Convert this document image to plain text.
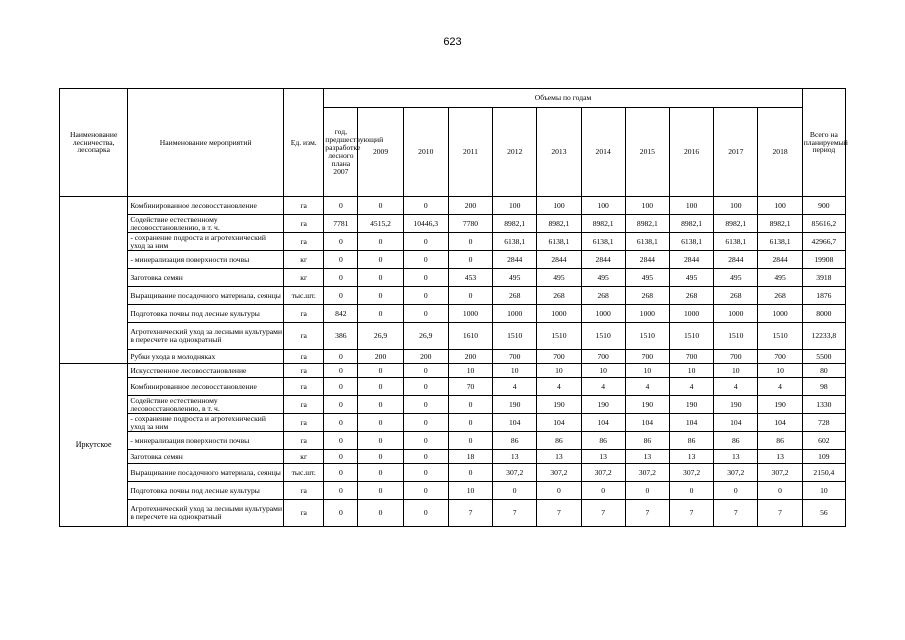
623
Наименование лесничества, лесопарка	Наименование мероприятий	Ед. изм.	Объемы по годам											Всего на планируемый период
			год, предшествующий разработке лесного плана 2007	2009	2010	2011	2012	2013	2014	2015	2016	2017	2018	
	Комбинированное лесовосстановление	га	0	0	0	200	100	100	100	100	100	100	100	900
	Содействие естественному лесовосстановлению, в т. ч.	га	7781	4515,2	10446,3	7780	8982,1	8982,1	8982,1	8982,1	8982,1	8982,1	8982,1	85616,2
	- сохранение подроста и агротехнический уход за ним	га	0	0	0	0	6138,1	6138,1	6138,1	6138,1	6138,1	6138,1	6138,1	42966,7
	- минерализация поверхности почвы	кг	0	0	0	0	2844	2844	2844	2844	2844	2844	2844	19908
	Заготовка семян	кг	0	0	0	453	495	495	495	495	495	495	495	3918
	Выращивание посадочного материала, сеянцы	тыс.шт.	0	0	0	0	268	268	268	268	268	268	268	1876
	Подготовка почвы под лесные культуры	га	842	0	0	1000	1000	1000	1000	1000	1000	1000	1000	8000
	Агротехнический уход за лесными культурами в пересчете на однократный	га	386	26,9	26,9	1610	1510	1510	1510	1510	1510	1510	1510	12233,8
	Рубки ухода в молодняках	га	0	200	200	200	700	700	700	700	700	700	700	5500
Иркутское	Искусственное лесовосстановление	га	0	0	0	10	10	10	10	10	10	10	10	80
	Комбинированное лесовосстановление	га	0	0	0	70	4	4	4	4	4	4	4	98
	Содействие естественному лесовосстановлению, в т. ч.	га	0	0	0	0	190	190	190	190	190	190	190	1330
	- сохранение подроста и агротехнический уход за ним	га	0	0	0	0	104	104	104	104	104	104	104	728
	- минерализация поверхности почвы	га	0	0	0	0	86	86	86	86	86	86	86	602
	Заготовка семян	кг	0	0	0	18	13	13	13	13	13	13	13	109
	Выращивание посадочного материала, сеянцы	тыс.шт.	0	0	0	0	307,2	307,2	307,2	307,2	307,2	307,2	307,2	2150,4
	Подготовка почвы под лесные культуры	га	0	0	0	10	0	0	0	0	0	0	0	10
	Агротехнический уход за лесными культурами в пересчете на однократный	га	0	0	0	7	7	7	7	7	7	7	7	56
